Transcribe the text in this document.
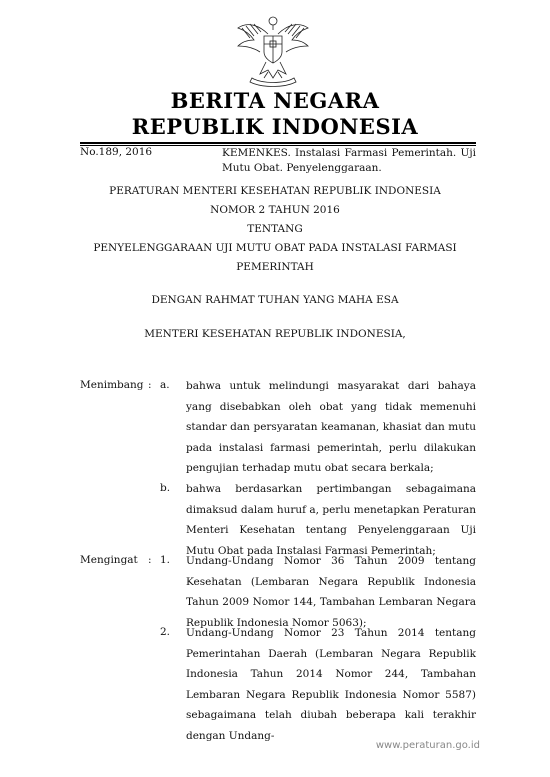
BERITA NEGARA
REPUBLIK INDONESIA
No.189, 2016	KEMENKES. Instalasi Farmasi Pemerintah. Uji Mutu Obat. Penyelenggaraan.
PERATURAN MENTERI KESEHATAN REPUBLIK INDONESIA
NOMOR 2 TAHUN 2016
TENTANG
PENYELENGGARAAN UJI MUTU OBAT PADA INSTALASI FARMASI
PEMERINTAH
DENGAN RAHMAT TUHAN YANG MAHA ESA
MENTERI KESEHATAN REPUBLIK INDONESIA,
Menimbang : a. bahwa untuk melindungi masyarakat dari bahaya yang disebabkan oleh obat yang tidak memenuhi standar dan persyaratan keamanan, khasiat dan mutu pada instalasi farmasi pemerintah, perlu dilakukan pengujian terhadap mutu obat secara berkala;
b. bahwa berdasarkan pertimbangan sebagaimana dimaksud dalam huruf a, perlu menetapkan Peraturan Menteri Kesehatan tentang Penyelenggaraan Uji Mutu Obat pada Instalasi Farmasi Pemerintah;
Mengingat : 1. Undang-Undang Nomor 36 Tahun 2009 tentang Kesehatan (Lembaran Negara Republik Indonesia Tahun 2009 Nomor 144, Tambahan Lembaran Negara Republik Indonesia Nomor 5063);
2. Undang-Undang Nomor 23 Tahun 2014 tentang Pemerintahan Daerah (Lembaran Negara Republik Indonesia Tahun 2014 Nomor 244, Tambahan Lembaran Negara Republik Indonesia Nomor 5587) sebagaimana telah diubah beberapa kali terakhir dengan Undang-
www.peraturan.go.id
